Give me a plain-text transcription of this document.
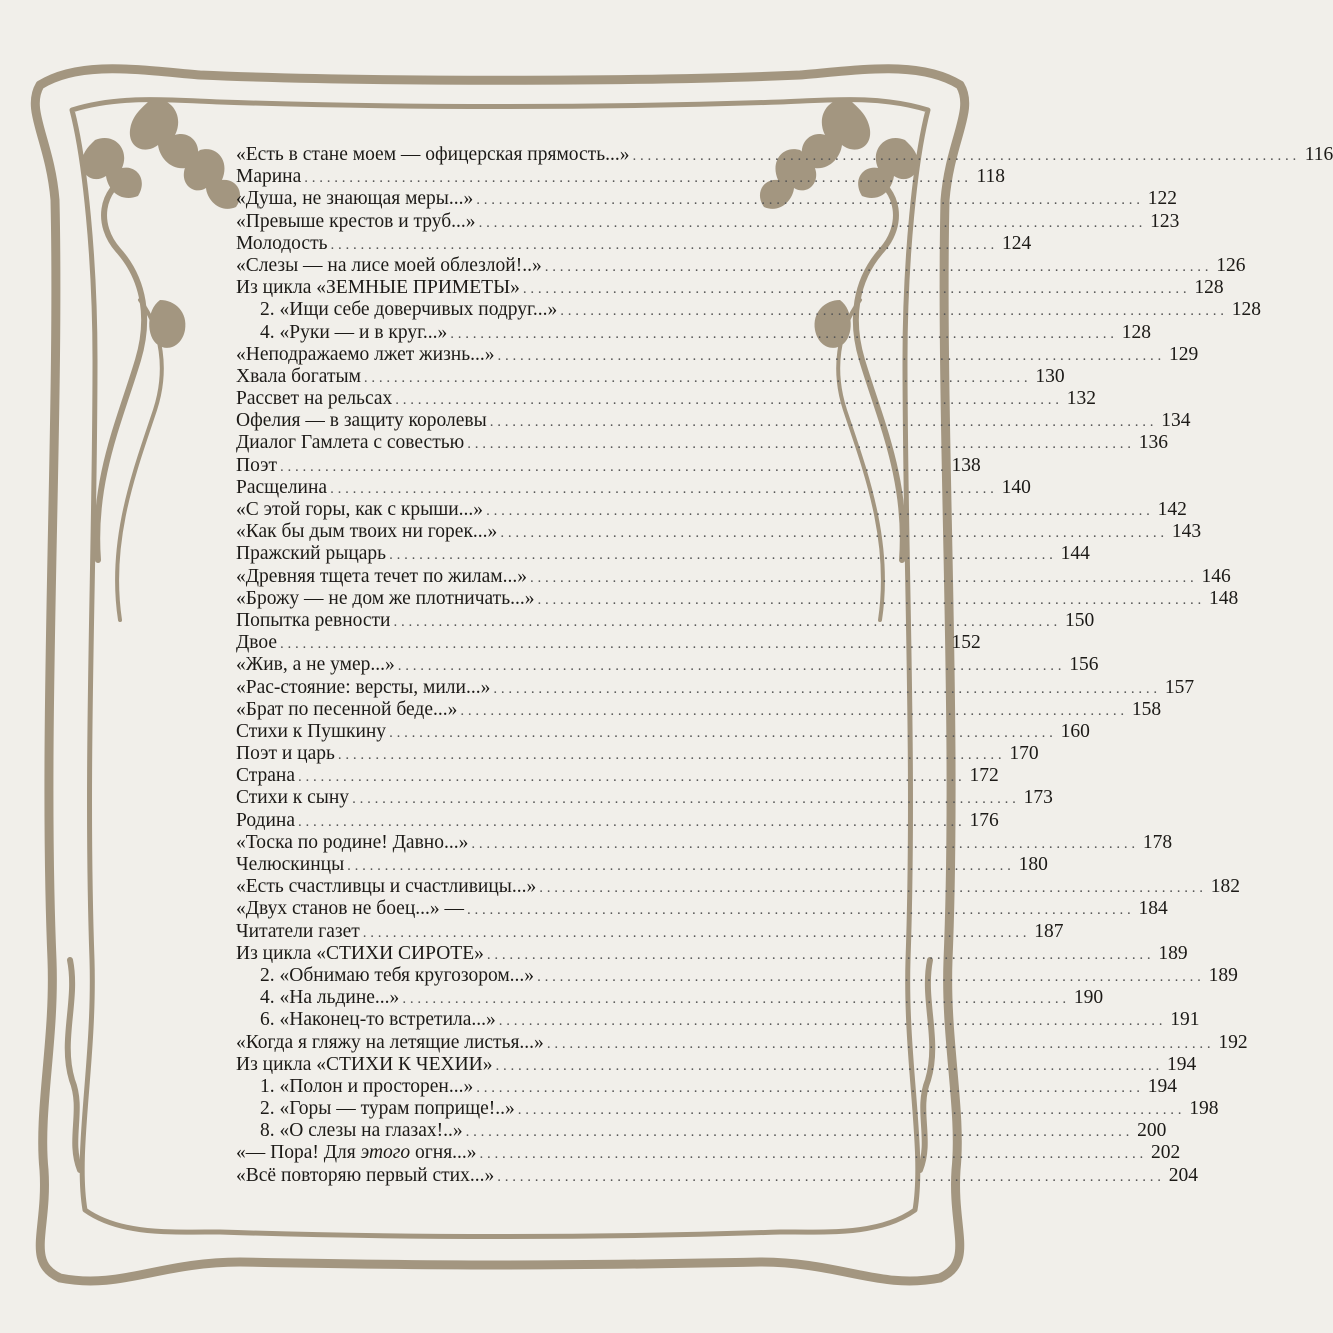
«Есть в стане моем — офицерская прямость...» . . .	116
Марина . . .	118
«Душа, не знающая меры...» . . .	122
«Превыше крестов и труб...» . . .	123
Молодость . . .	124
«Слезы — на лисе моей облезлой!..» . . .	126
Из цикла «ЗЕМНЫЕ ПРИМЕТЫ» . . .	128
2. «Ищи себе доверчивых подруг...» . . .	128
4. «Руки — и в круг...» . . .	128
«Неподражаемо лжет жизнь...» . . .	129
Хвала богатым . . .	130
Рассвет на рельсах . . .	132
Офелия — в защиту королевы . . .	134
Диалог Гамлета с совестью . . .	136
Поэт . . .	138
Расщелина . . .	140
«С этой горы, как с крыши...» . . .	142
«Как бы дым твоих ни горек...» . . .	143
Пражский рыцарь . . .	144
«Древняя тщета течет по жилам...» . . .	146
«Брожу — не дом же плотничать...» . . .	148
Попытка ревности . . .	150
Двое . . .	152
«Жив, а не умер...» . . .	156
«Рас-стояние: версты, мили...» . . .	157
«Брат по песенной беде...» . . .	158
Стихи к Пушкину . . .	160
Поэт и царь . . .	170
Страна . . .	172
Стихи к сыну . . .	173
Родина . . .	176
«Тоска по родине! Давно...» . . .	178
Челюскинцы . . .	180
«Есть счастливцы и счастливицы...» . . .	182
«Двух станов не боец...» — . . .	184
Читатели газет . . .	187
Из цикла «СТИХИ СИРОТЕ» . . .	189
2. «Обнимаю тебя кругозором...» . . .	189
4. «На льдине...» . . .	190
6. «Наконец-то встретила...» . . .	191
«Когда я гляжу на летящие листья...» . . .	192
Из цикла «СТИХИ К ЧЕХИИ» . . .	194
1. «Полон и просторен...» . . .	194
2. «Горы — турам поприще!..» . . .	198
8. «О слезы на глазах!..» . . .	200
«— Пора! Для этого огня...» . . .	202
«Всё повторяю первый стих...» . . .	204
